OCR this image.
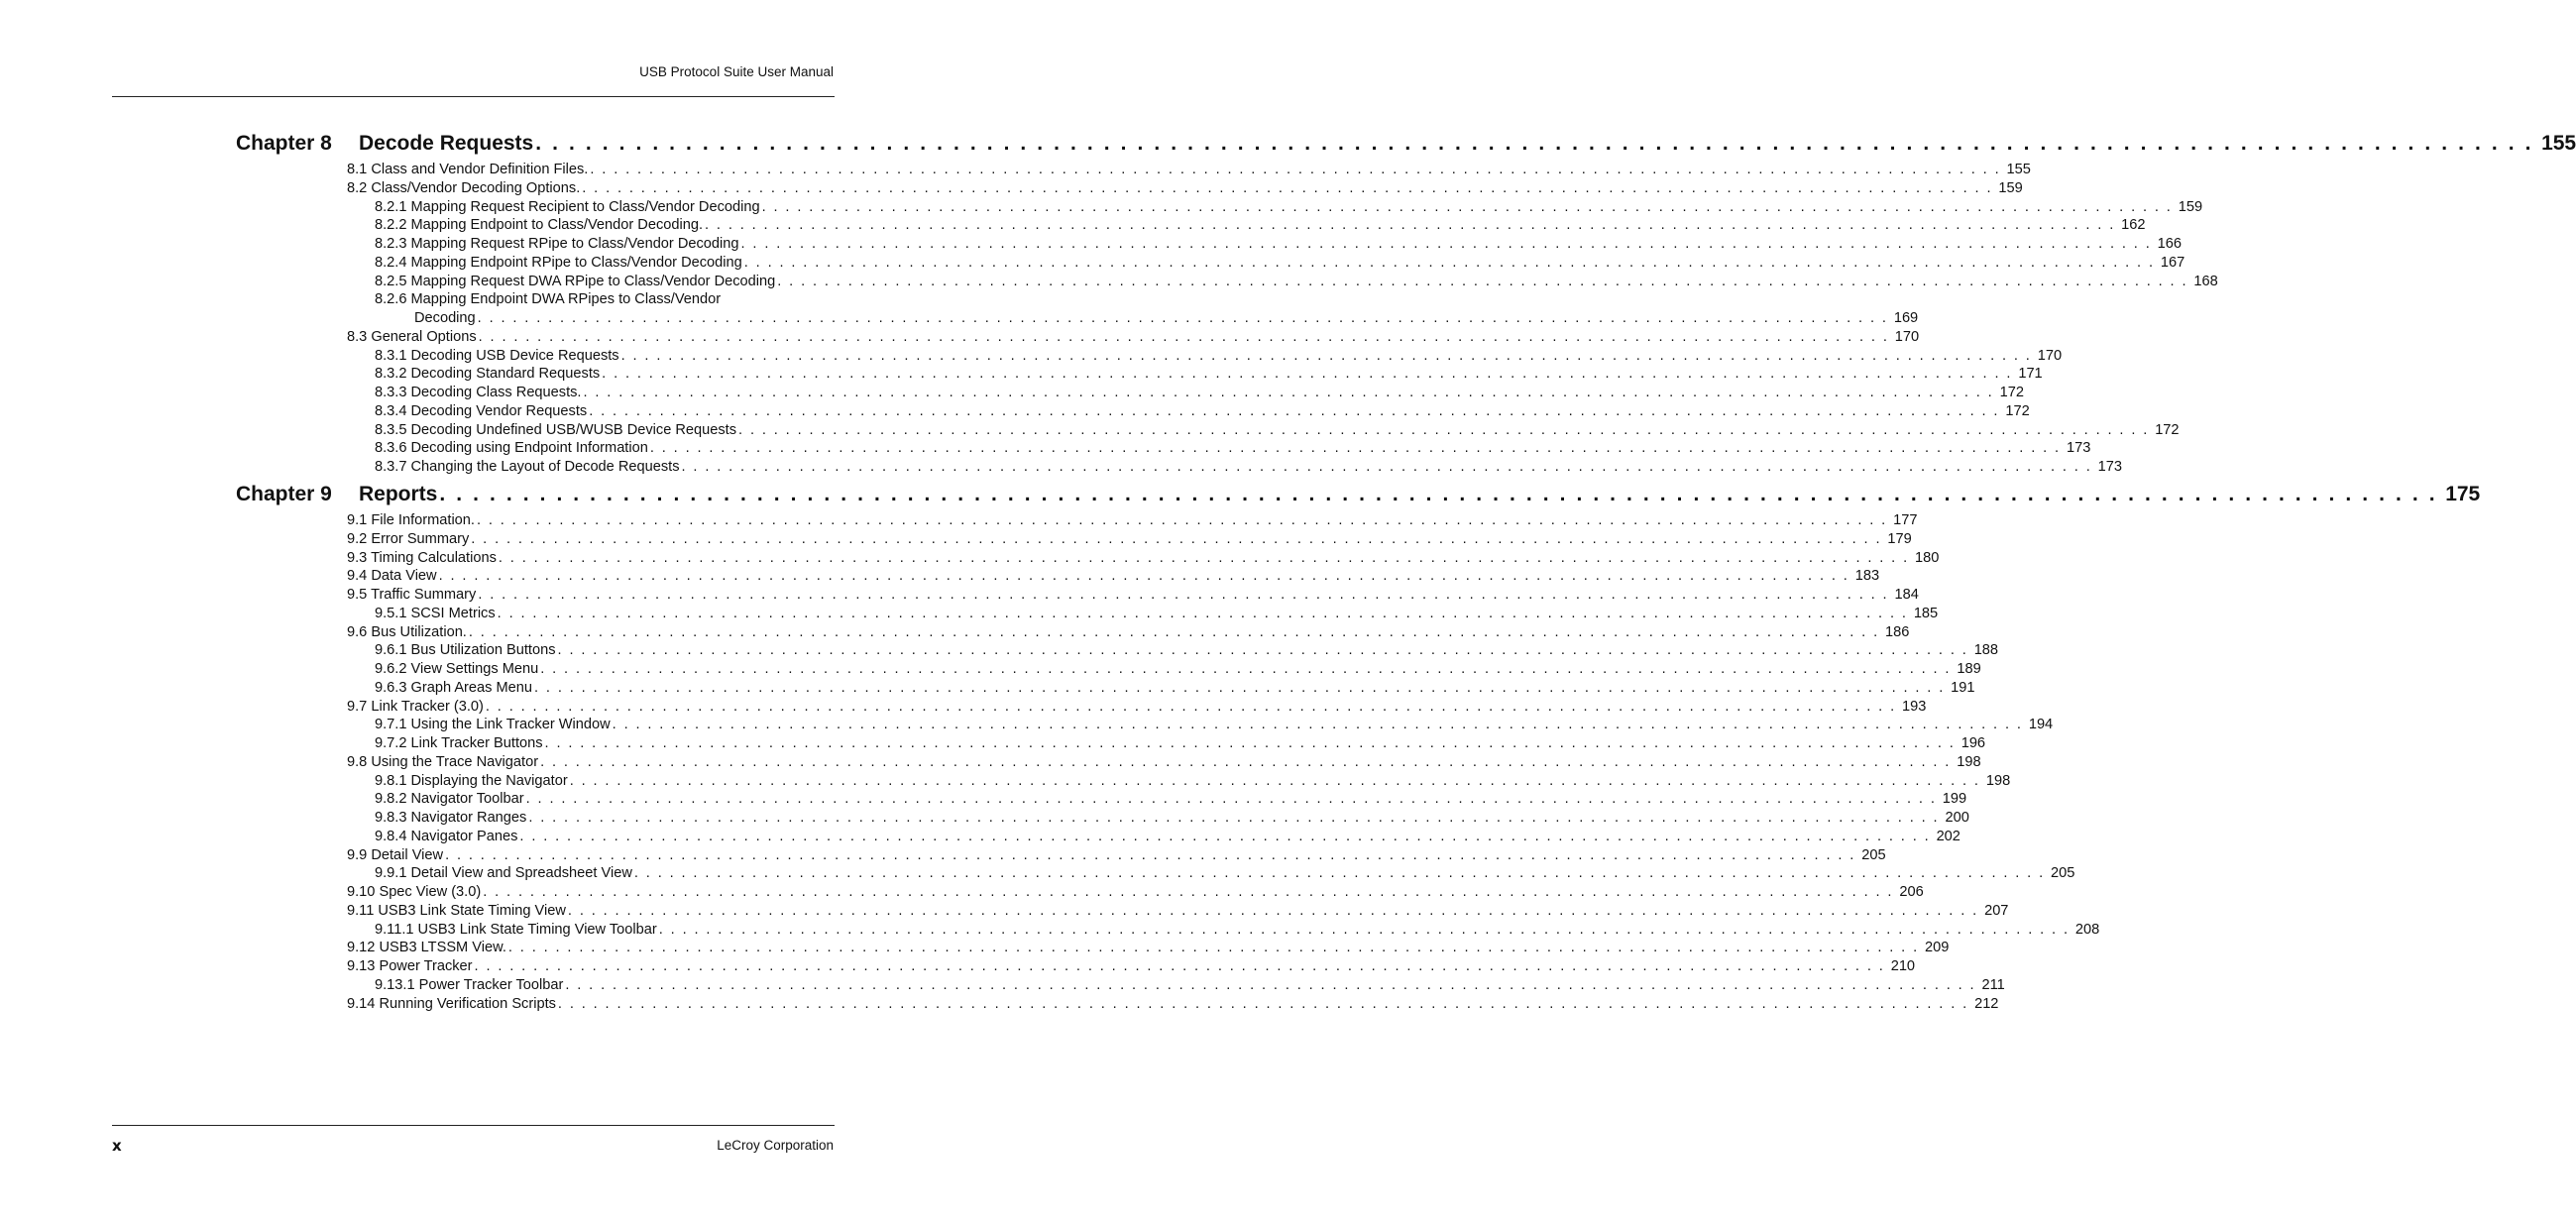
USB Protocol Suite User Manual
Chapter 8	Decode Requests . . . . . . . . . . . . . . . . . . . . . . . . . . . . . . . . . . . . . . . . . . . . . . . . . . . . . . . . . . . . . . . . . . . . . . . . . . . . . . . . . . . . . . . . . . . . . . . . . . . . . . . . . . . . . . . . . . . . . . . . 155
8.1 Class and Vendor Definition Files. . . . . . . . . . . . . . . . . . . . . . . . . . . . . . . . . . . . . . . . . . . . . . . . . . . . . . . . . . . . . . . . . . . . . . . . . . . . . . . . . . . . . . . . . . . . . . . . . . . . . . . . . . . . . . . . . . . . . . . . . 155
8.2 Class/Vendor Decoding Options. . . . . . . . . . . . . . . . . . . . . . . . . . . . . . . . . . . . . . . . . . . . . . . . . . . . . . . . . . . . . . . . . . . . . . . . . . . . . . . . . . . . . . . . . . . . . . . . . . . . . . . . . . . . . . . . . . . . . . . . . 159
8.2.1 Mapping Request Recipient to Class/Vendor Decoding . . . . . . . . . . . . . . . . . . . . . . . . . . . . . . . . . . . . . . . . . . . . . . . . . . . . . . . . . . . . . . . . . . . . . . . . . . . . . . . . . . . . . . . . . . . . . . . . . . . . . . . . . . . . . . . . . . . . . . . . 159
8.2.2 Mapping Endpoint to Class/Vendor Decoding. . . . . . . . . . . . . . . . . . . . . . . . . . . . . . . . . . . . . . . . . . . . . . . . . . . . . . . . . . . . . . . . . . . . . . . . . . . . . . . . . . . . . . . . . . . . . . . . . . . . . . . . . . . . . . . . . . . . . . . . . 162
8.2.3 Mapping Request RPipe to Class/Vendor Decoding . . . . . . . . . . . . . . . . . . . . . . . . . . . . . . . . . . . . . . . . . . . . . . . . . . . . . . . . . . . . . . . . . . . . . . . . . . . . . . . . . . . . . . . . . . . . . . . . . . . . . . . . . . . . . . . . . . . . . . . . 166
8.2.4 Mapping Endpoint RPipe to Class/Vendor Decoding . . . . . . . . . . . . . . . . . . . . . . . . . . . . . . . . . . . . . . . . . . . . . . . . . . . . . . . . . . . . . . . . . . . . . . . . . . . . . . . . . . . . . . . . . . . . . . . . . . . . . . . . . . . . . . . . . . . . . . . . 167
8.2.5 Mapping Request DWA RPipe to Class/Vendor Decoding . . . . . . . . . . . . . . . . . . . . . . . . . . . . . . . . . . . . . . . . . . . . . . . . . . . . . . . . . . . . . . . . . . . . . . . . . . . . . . . . . . . . . . . . . . . . . . . . . . . . . . . . . . . . . . . . . . . . . . . . 168
8.2.6 Mapping Endpoint DWA RPipes to Class/Vendor
Decoding . . . . . . . . . . . . . . . . . . . . . . . . . . . . . . . . . . . . . . . . . . . . . . . . . . . . . . . . . . . . . . . . . . . . . . . . . . . . . . . . . . . . . . . . . . . . . . . . . . . . . . . . . . . . . . . . . . . . . . . . 169
8.3 General Options . . . . . . . . . . . . . . . . . . . . . . . . . . . . . . . . . . . . . . . . . . . . . . . . . . . . . . . . . . . . . . . . . . . . . . . . . . . . . . . . . . . . . . . . . . . . . . . . . . . . . . . . . . . . . . . . . . . . . . . . 170
8.3.1 Decoding USB Device Requests . . . . . . . . . . . . . . . . . . . . . . . . . . . . . . . . . . . . . . . . . . . . . . . . . . . . . . . . . . . . . . . . . . . . . . . . . . . . . . . . . . . . . . . . . . . . . . . . . . . . . . . . . . . . . . . . . . . . . . . . 170
8.3.2 Decoding Standard Requests . . . . . . . . . . . . . . . . . . . . . . . . . . . . . . . . . . . . . . . . . . . . . . . . . . . . . . . . . . . . . . . . . . . . . . . . . . . . . . . . . . . . . . . . . . . . . . . . . . . . . . . . . . . . . . . . . . . . . . . . 171
8.3.3 Decoding Class Requests. . . . . . . . . . . . . . . . . . . . . . . . . . . . . . . . . . . . . . . . . . . . . . . . . . . . . . . . . . . . . . . . . . . . . . . . . . . . . . . . . . . . . . . . . . . . . . . . . . . . . . . . . . . . . . . . . . . . . . . . . 172
8.3.4 Decoding Vendor Requests . . . . . . . . . . . . . . . . . . . . . . . . . . . . . . . . . . . . . . . . . . . . . . . . . . . . . . . . . . . . . . . . . . . . . . . . . . . . . . . . . . . . . . . . . . . . . . . . . . . . . . . . . . . . . . . . . . . . . . . . 172
8.3.5 Decoding Undefined USB/WUSB Device Requests . . . . . . . . . . . . . . . . . . . . . . . . . . . . . . . . . . . . . . . . . . . . . . . . . . . . . . . . . . . . . . . . . . . . . . . . . . . . . . . . . . . . . . . . . . . . . . . . . . . . . . . . . . . . . . . . . . . . . . . . 172
8.3.6 Decoding using Endpoint Information . . . . . . . . . . . . . . . . . . . . . . . . . . . . . . . . . . . . . . . . . . . . . . . . . . . . . . . . . . . . . . . . . . . . . . . . . . . . . . . . . . . . . . . . . . . . . . . . . . . . . . . . . . . . . . . . . . . . . . . . 173
8.3.7 Changing the Layout of Decode Requests . . . . . . . . . . . . . . . . . . . . . . . . . . . . . . . . . . . . . . . . . . . . . . . . . . . . . . . . . . . . . . . . . . . . . . . . . . . . . . . . . . . . . . . . . . . . . . . . . . . . . . . . . . . . . . . . . . . . . . . . 173
Chapter 9	Reports . . . . . . . . . . . . . . . . . . . . . . . . . . . . . . . . . . . . . . . . . . . . . . . . . . . . . . . . . . . . . . . . . . . . . . . . . . . . . . . . . . . . . . . . . . . . . . . . . . . . . . . . . . . . . . . . . . . . . . . . 175
9.1 File Information. . . . . . . . . . . . . . . . . . . . . . . . . . . . . . . . . . . . . . . . . . . . . . . . . . . . . . . . . . . . . . . . . . . . . . . . . . . . . . . . . . . . . . . . . . . . . . . . . . . . . . . . . . . . . . . . . . . . . . . . . 177
9.2 Error Summary . . . . . . . . . . . . . . . . . . . . . . . . . . . . . . . . . . . . . . . . . . . . . . . . . . . . . . . . . . . . . . . . . . . . . . . . . . . . . . . . . . . . . . . . . . . . . . . . . . . . . . . . . . . . . . . . . . . . . . . . 179
9.3 Timing Calculations . . . . . . . . . . . . . . . . . . . . . . . . . . . . . . . . . . . . . . . . . . . . . . . . . . . . . . . . . . . . . . . . . . . . . . . . . . . . . . . . . . . . . . . . . . . . . . . . . . . . . . . . . . . . . . . . . . . . . . . . 180
9.4 Data View . . . . . . . . . . . . . . . . . . . . . . . . . . . . . . . . . . . . . . . . . . . . . . . . . . . . . . . . . . . . . . . . . . . . . . . . . . . . . . . . . . . . . . . . . . . . . . . . . . . . . . . . . . . . . . . . . . . . . . . . 183
9.5 Traffic Summary . . . . . . . . . . . . . . . . . . . . . . . . . . . . . . . . . . . . . . . . . . . . . . . . . . . . . . . . . . . . . . . . . . . . . . . . . . . . . . . . . . . . . . . . . . . . . . . . . . . . . . . . . . . . . . . . . . . . . . . . 184
9.5.1 SCSI Metrics . . . . . . . . . . . . . . . . . . . . . . . . . . . . . . . . . . . . . . . . . . . . . . . . . . . . . . . . . . . . . . . . . . . . . . . . . . . . . . . . . . . . . . . . . . . . . . . . . . . . . . . . . . . . . . . . . . . . . . . . 185
9.6 Bus Utilization. . . . . . . . . . . . . . . . . . . . . . . . . . . . . . . . . . . . . . . . . . . . . . . . . . . . . . . . . . . . . . . . . . . . . . . . . . . . . . . . . . . . . . . . . . . . . . . . . . . . . . . . . . . . . . . . . . . . . . . . . 186
9.6.1 Bus Utilization Buttons . . . . . . . . . . . . . . . . . . . . . . . . . . . . . . . . . . . . . . . . . . . . . . . . . . . . . . . . . . . . . . . . . . . . . . . . . . . . . . . . . . . . . . . . . . . . . . . . . . . . . . . . . . . . . . . . . . . . . . . . 188
9.6.2 View Settings Menu . . . . . . . . . . . . . . . . . . . . . . . . . . . . . . . . . . . . . . . . . . . . . . . . . . . . . . . . . . . . . . . . . . . . . . . . . . . . . . . . . . . . . . . . . . . . . . . . . . . . . . . . . . . . . . . . . . . . . . . . 189
9.6.3 Graph Areas Menu . . . . . . . . . . . . . . . . . . . . . . . . . . . . . . . . . . . . . . . . . . . . . . . . . . . . . . . . . . . . . . . . . . . . . . . . . . . . . . . . . . . . . . . . . . . . . . . . . . . . . . . . . . . . . . . . . . . . . . . . 191
9.7 Link Tracker (3.0) . . . . . . . . . . . . . . . . . . . . . . . . . . . . . . . . . . . . . . . . . . . . . . . . . . . . . . . . . . . . . . . . . . . . . . . . . . . . . . . . . . . . . . . . . . . . . . . . . . . . . . . . . . . . . . . . . . . . . . . . 193
9.7.1 Using the Link Tracker Window . . . . . . . . . . . . . . . . . . . . . . . . . . . . . . . . . . . . . . . . . . . . . . . . . . . . . . . . . . . . . . . . . . . . . . . . . . . . . . . . . . . . . . . . . . . . . . . . . . . . . . . . . . . . . . . . . . . . . . . . 194
9.7.2 Link Tracker Buttons . . . . . . . . . . . . . . . . . . . . . . . . . . . . . . . . . . . . . . . . . . . . . . . . . . . . . . . . . . . . . . . . . . . . . . . . . . . . . . . . . . . . . . . . . . . . . . . . . . . . . . . . . . . . . . . . . . . . . . . . 196
9.8 Using the Trace Navigator . . . . . . . . . . . . . . . . . . . . . . . . . . . . . . . . . . . . . . . . . . . . . . . . . . . . . . . . . . . . . . . . . . . . . . . . . . . . . . . . . . . . . . . . . . . . . . . . . . . . . . . . . . . . . . . . . . . . . . . . 198
9.8.1 Displaying the Navigator . . . . . . . . . . . . . . . . . . . . . . . . . . . . . . . . . . . . . . . . . . . . . . . . . . . . . . . . . . . . . . . . . . . . . . . . . . . . . . . . . . . . . . . . . . . . . . . . . . . . . . . . . . . . . . . . . . . . . . . . 198
9.8.2 Navigator Toolbar . . . . . . . . . . . . . . . . . . . . . . . . . . . . . . . . . . . . . . . . . . . . . . . . . . . . . . . . . . . . . . . . . . . . . . . . . . . . . . . . . . . . . . . . . . . . . . . . . . . . . . . . . . . . . . . . . . . . . . . . 199
9.8.3 Navigator Ranges . . . . . . . . . . . . . . . . . . . . . . . . . . . . . . . . . . . . . . . . . . . . . . . . . . . . . . . . . . . . . . . . . . . . . . . . . . . . . . . . . . . . . . . . . . . . . . . . . . . . . . . . . . . . . . . . . . . . . . . . 200
9.8.4 Navigator Panes . . . . . . . . . . . . . . . . . . . . . . . . . . . . . . . . . . . . . . . . . . . . . . . . . . . . . . . . . . . . . . . . . . . . . . . . . . . . . . . . . . . . . . . . . . . . . . . . . . . . . . . . . . . . . . . . . . . . . . . . 202
9.9 Detail View . . . . . . . . . . . . . . . . . . . . . . . . . . . . . . . . . . . . . . . . . . . . . . . . . . . . . . . . . . . . . . . . . . . . . . . . . . . . . . . . . . . . . . . . . . . . . . . . . . . . . . . . . . . . . . . . . . . . . . . . 205
9.9.1 Detail View and Spreadsheet View . . . . . . . . . . . . . . . . . . . . . . . . . . . . . . . . . . . . . . . . . . . . . . . . . . . . . . . . . . . . . . . . . . . . . . . . . . . . . . . . . . . . . . . . . . . . . . . . . . . . . . . . . . . . . . . . . . . . . . . . 205
9.10 Spec View (3.0) . . . . . . . . . . . . . . . . . . . . . . . . . . . . . . . . . . . . . . . . . . . . . . . . . . . . . . . . . . . . . . . . . . . . . . . . . . . . . . . . . . . . . . . . . . . . . . . . . . . . . . . . . . . . . . . . . . . . . . . . 206
9.11 USB3 Link State Timing View . . . . . . . . . . . . . . . . . . . . . . . . . . . . . . . . . . . . . . . . . . . . . . . . . . . . . . . . . . . . . . . . . . . . . . . . . . . . . . . . . . . . . . . . . . . . . . . . . . . . . . . . . . . . . . . . . . . . . . . . 207
9.11.1 USB3 Link State Timing View Toolbar . . . . . . . . . . . . . . . . . . . . . . . . . . . . . . . . . . . . . . . . . . . . . . . . . . . . . . . . . . . . . . . . . . . . . . . . . . . . . . . . . . . . . . . . . . . . . . . . . . . . . . . . . . . . . . . . . . . . . . . . 208
9.12 USB3 LTSSM View. . . . . . . . . . . . . . . . . . . . . . . . . . . . . . . . . . . . . . . . . . . . . . . . . . . . . . . . . . . . . . . . . . . . . . . . . . . . . . . . . . . . . . . . . . . . . . . . . . . . . . . . . . . . . . . . . . . . . . . . . 209
9.13 Power Tracker . . . . . . . . . . . . . . . . . . . . . . . . . . . . . . . . . . . . . . . . . . . . . . . . . . . . . . . . . . . . . . . . . . . . . . . . . . . . . . . . . . . . . . . . . . . . . . . . . . . . . . . . . . . . . . . . . . . . . . . . 210
9.13.1 Power Tracker Toolbar . . . . . . . . . . . . . . . . . . . . . . . . . . . . . . . . . . . . . . . . . . . . . . . . . . . . . . . . . . . . . . . . . . . . . . . . . . . . . . . . . . . . . . . . . . . . . . . . . . . . . . . . . . . . . . . . . . . . . . . . 211
9.14 Running Verification Scripts . . . . . . . . . . . . . . . . . . . . . . . . . . . . . . . . . . . . . . . . . . . . . . . . . . . . . . . . . . . . . . . . . . . . . . . . . . . . . . . . . . . . . . . . . . . . . . . . . . . . . . . . . . . . . . . . . . . . . . . . 212
x	LeCroy Corporation
